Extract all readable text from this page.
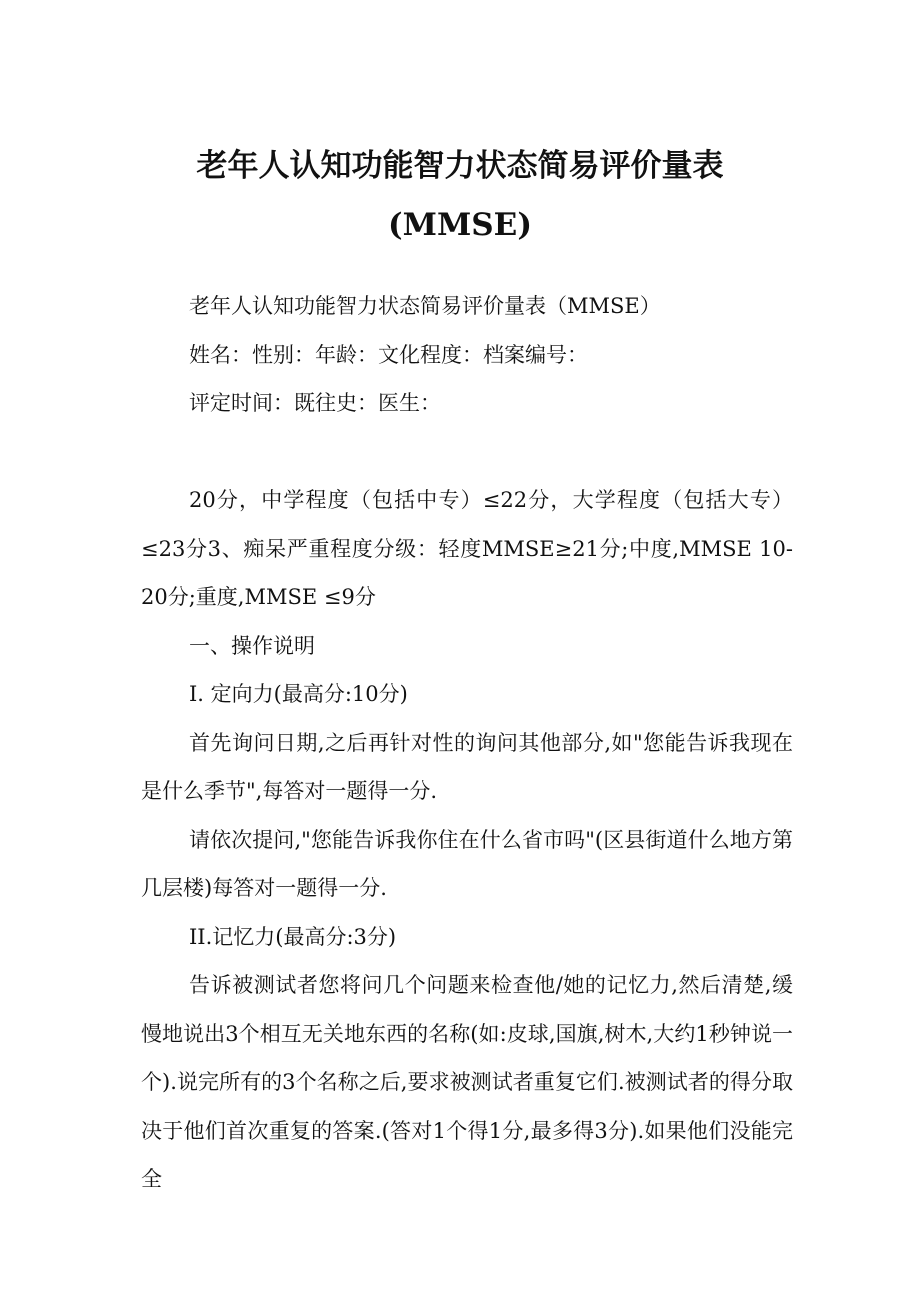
老年人认知功能智力状态简易评价量表
(MMSE)

老年人认知功能智力状态简易评价量表（MMSE）

姓名：性别：年龄：文化程度：档案编号：

评定时间：既往史：医生：

20分，中学程度（包括中专）≤22分，大学程度（包括大专）≤23分3、痴呆严重程度分级：轻度MMSE≥21分;中度,MMSE 10-20分;重度,MMSE ≤9分

一、操作说明

I. 定向力(最高分:10分)

首先询问日期,之后再针对性的询问其他部分,如"您能告诉我现在是什么季节",每答对一题得一分.

请依次提问,"您能告诉我你住在什么省市吗"(区县街道什么地方第几层楼)每答对一题得一分.

II.记忆力(最高分:3分)

告诉被测试者您将问几个问题来检查他/她的记忆力,然后清楚,缓慢地说出3个相互无关地东西的名称(如:皮球,国旗,树木,大约1秒钟说一个).说完所有的3个名称之后,要求被测试者重复它们.被测试者的得分取决于他们首次重复的答案.(答对1个得1分,最多得3分).如果他们没能完全
